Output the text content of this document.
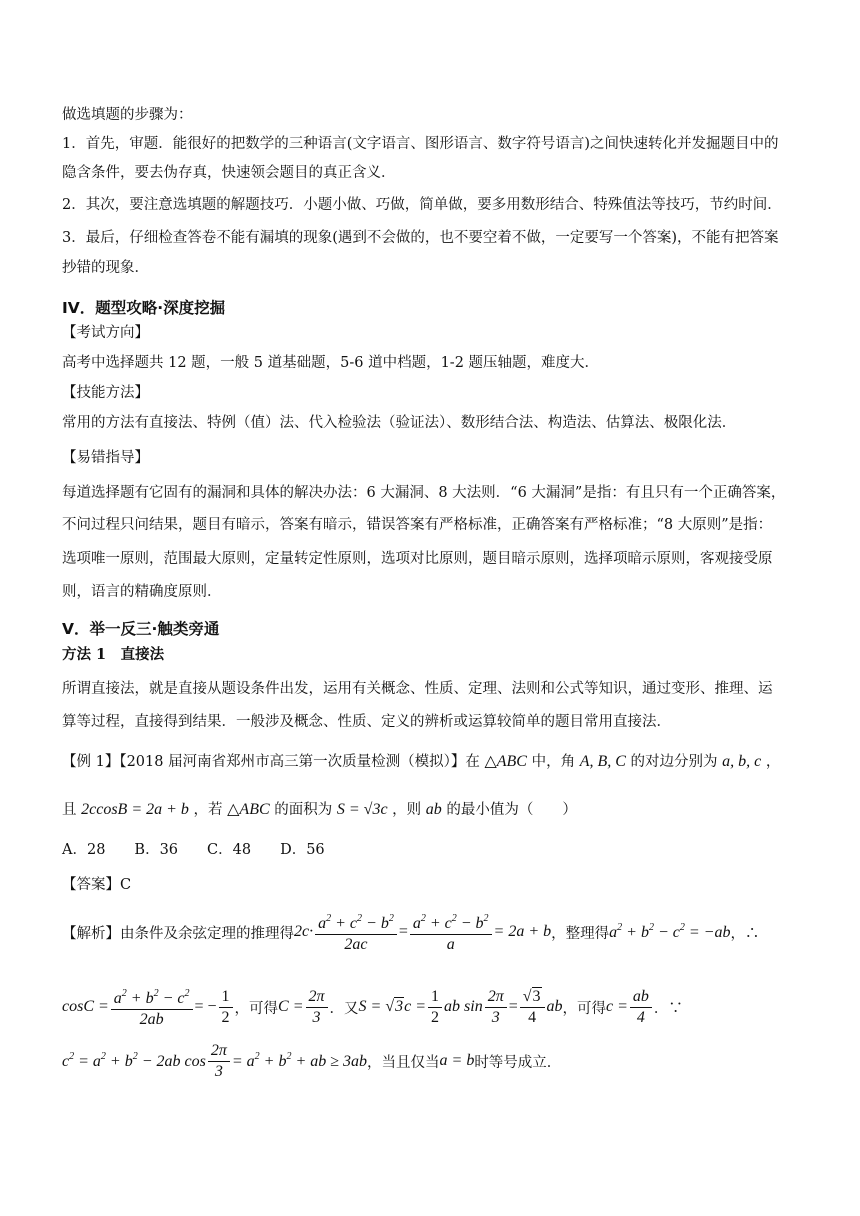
做选填题的步骤为：
1．首先，审题．能很好的把数学的三种语言(文字语言、图形语言、数字符号语言)之间快速转化并发掘题目中的
隐含条件，要去伪存真，快速领会题目的真正含义．
2．其次，要注意选填题的解题技巧．小题小做、巧做，简单做，要多用数形结合、特殊值法等技巧，节约时间．
3．最后，仔细检查答卷不能有漏填的现象(遇到不会做的，也不要空着不做，一定要写一个答案)，不能有把答案
抄错的现象．
IV．题型攻略·深度挖掘
【考试方向】
高考中选择题共 12 题，一般 5 道基础题，5-6 道中档题，1-2 题压轴题，难度大．
【技能方法】
常用的方法有直接法、特例（值）法、代入检验法（验证法）、数形结合法、构造法、估算法、极限化法．
【易错指导】
每道选择题有它固有的漏洞和具体的解决办法：6 大漏洞、8 大法则．“6 大漏洞”是指：有且只有一个正确答案，
不问过程只问结果，题目有暗示，答案有暗示，错误答案有严格标准，正确答案有严格标准；“8 大原则”是指：
选项唯一原则，范围最大原则，定量转定性原则，选项对比原则，题目暗示原则，选择项暗示原则，客观接受原
则，语言的精确度原则．
V．举一反三·触类旁通
方法 1　直接法
所谓直接法，就是直接从题设条件出发，运用有关概念、性质、定理、法则和公式等知识，通过变形、推理、运
算等过程，直接得到结果．一般涉及概念、性质、定义的辨析或运算较简单的题目常用直接法．
【例 1】【2018 届河南省郑州市高三第一次质量检测（模拟）】在 △ABC 中，角 A, B, C 的对边分别为 a, b, c ，
且 2ccosB = 2a + b ，若 △ABC 的面积为 S = √3c ，则 ab 的最小值为（　　）
A．28　　B．36　　C．48　　D．56
【答案】C
【解析】 由条件及余弦定理的推理得 $2c\cdot \frac{a^2 + c^2 - b^2}{2ac} = \frac{a^2 + c^2 - b^2}{a} = 2a + b$ ，整理得 $a^2 + b^2 - c^2 = -ab$ ，∴
$\cos C = \frac{a^2 + b^2 - c^2}{2ab}$ = − $\frac{1}{2}$ ，可得 $C = \frac{2\pi}{3}$ ．又 $S = √3c = \frac{1}{2}$ ab $\sin \frac{2\pi}{3} = \frac{√3}{4}$ ab ，可得 $c = \frac{ab}{4}$ ．∵
$c^2 = a^2 + b^2 - 2ab$ $\cos \frac{2\pi}{3} = a^2 + b^2$ + ab ≥ 3ab ，当且仅当 a = b 时等号成立．
